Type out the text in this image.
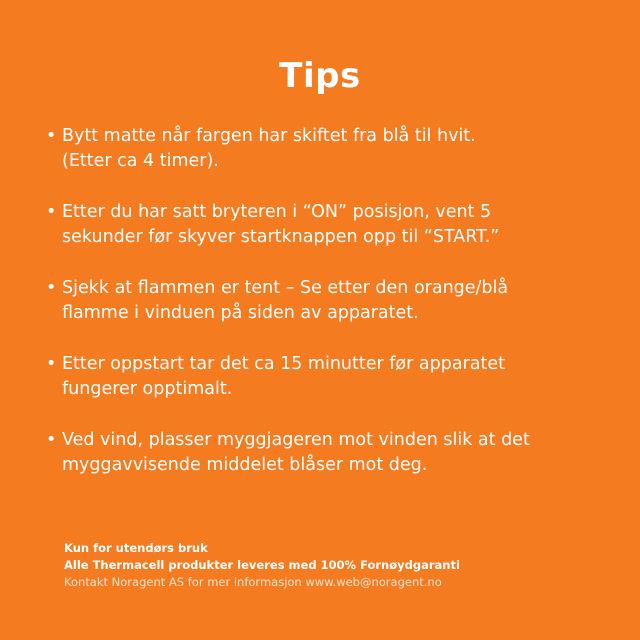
Tips
• Bytt matte når fargen har skiftet fra blå til hvit.
(Etter ca 4 timer).
• Etter du har satt bryteren i “ON” posisjon, vent 5
sekunder før skyver startknappen opp til “START.”
• Sjekk at flammen er tent – Se etter den orange/blå
flamme i vinduen på siden av apparatet.
• Etter oppstart tar det ca 15 minutter før apparatet
fungerer opptimalt.
• Ved vind, plasser myggjageren mot vinden slik at det
myggavvisende middelet blåser mot deg.
Kun for utendørs bruk
Alle Thermacell produkter leveres med 100% Fornøydgaranti
Kontakt Noragent AS for mer informasjon www.web@noragent.no
